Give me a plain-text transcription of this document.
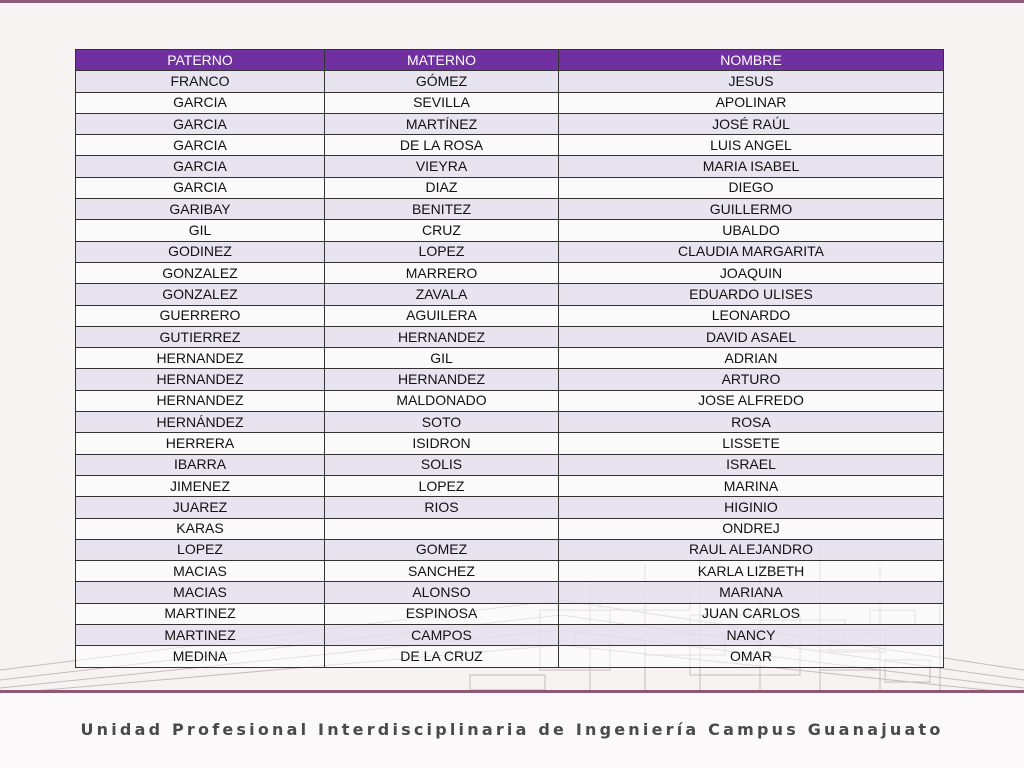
PATERNO	MATERNO	NOMBRE
FRANCO	GÓMEZ	JESUS
GARCIA	SEVILLA	APOLINAR
GARCIA	MARTÍNEZ	JOSÉ RAÚL
GARCIA	DE LA ROSA	LUIS ANGEL
GARCIA	VIEYRA	MARIA ISABEL
GARCIA	DIAZ	DIEGO
GARIBAY	BENITEZ	GUILLERMO
GIL	CRUZ	UBALDO
GODINEZ	LOPEZ	CLAUDIA MARGARITA
GONZALEZ	MARRERO	JOAQUIN
GONZALEZ	ZAVALA	EDUARDO ULISES
GUERRERO	AGUILERA	LEONARDO
GUTIERREZ	HERNANDEZ	DAVID ASAEL
HERNANDEZ	GIL	ADRIAN
HERNANDEZ	HERNANDEZ	ARTURO
HERNANDEZ	MALDONADO	JOSE ALFREDO
HERNÁNDEZ	SOTO	ROSA
HERRERA	ISIDRON	LISSETE
IBARRA	SOLIS	ISRAEL
JIMENEZ	LOPEZ	MARINA
JUAREZ	RIOS	HIGINIO
KARAS		ONDREJ
LOPEZ	GOMEZ	RAUL ALEJANDRO
MACIAS	SANCHEZ	KARLA LIZBETH
MACIAS	ALONSO	MARIANA
MARTINEZ	ESPINOSA	JUAN CARLOS
MARTINEZ	CAMPOS	NANCY
MEDINA	DE LA CRUZ	OMAR
Unidad Profesional Interdisciplinaria de Ingeniería Campus Guanajuato
